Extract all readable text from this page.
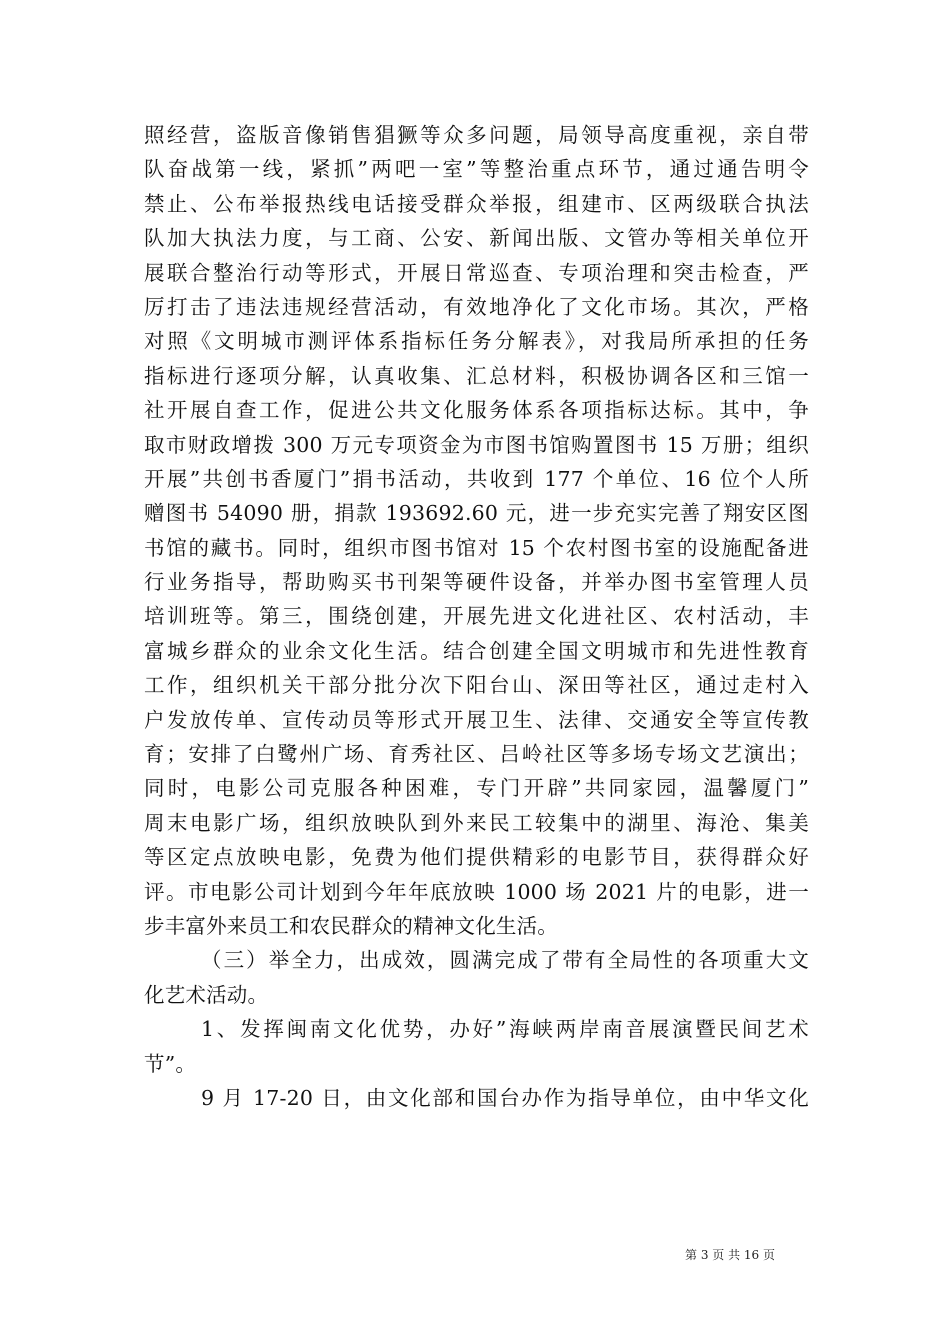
照经营，盗版音像销售猖獗等众多问题，局领导高度重视，亲自带
队奋战第一线，紧抓”两吧一室”等整治重点环节，通过通告明令
禁止、公布举报热线电话接受群众举报，组建市、区两级联合执法
队加大执法力度，与工商、公安、新闻出版、文管办等相关单位开
展联合整治行动等形式，开展日常巡查、专项治理和突击检查，严
厉打击了违法违规经营活动，有效地净化了文化市场。其次，严格
对照《文明城市测评体系指标任务分解表》，对我局所承担的任务
指标进行逐项分解，认真收集、汇总材料，积极协调各区和三馆一
社开展自查工作，促进公共文化服务体系各项指标达标。其中，争
取市财政增拨 300 万元专项资金为市图书馆购置图书 15 万册；组织
开展”共创书香厦门”捐书活动，共收到 177 个单位、16 位个人所
赠图书 54090 册，捐款 193692.60 元，进一步充实完善了翔安区图
书馆的藏书。同时，组织市图书馆对 15 个农村图书室的设施配备进
行业务指导，帮助购买书刊架等硬件设备，并举办图书室管理人员
培训班等。第三，围绕创建，开展先进文化进社区、农村活动，丰
富城乡群众的业余文化生活。结合创建全国文明城市和先进性教育
工作，组织机关干部分批分次下阳台山、深田等社区，通过走村入
户发放传单、宣传动员等形式开展卫生、法律、交通安全等宣传教
育；安排了白鹭州广场、育秀社区、吕岭社区等多场专场文艺演出；
同时，电影公司克服各种困难，专门开辟”共同家园，温馨厦门”
周末电影广场，组织放映队到外来民工较集中的湖里、海沧、集美
等区定点放映电影，免费为他们提供精彩的电影节目，获得群众好
评。市电影公司计划到今年年底放映 1000 场 2021 片的电影，进一
步丰富外来员工和农民群众的精神文化生活。
（三）举全力，出成效，圆满完成了带有全局性的各项重大文
化艺术活动。
1、发挥闽南文化优势，办好”海峡两岸南音展演暨民间艺术
节”。
9 月 17-20 日，由文化部和国台办作为指导单位，由中华文化
第 3 页 共 16 页
